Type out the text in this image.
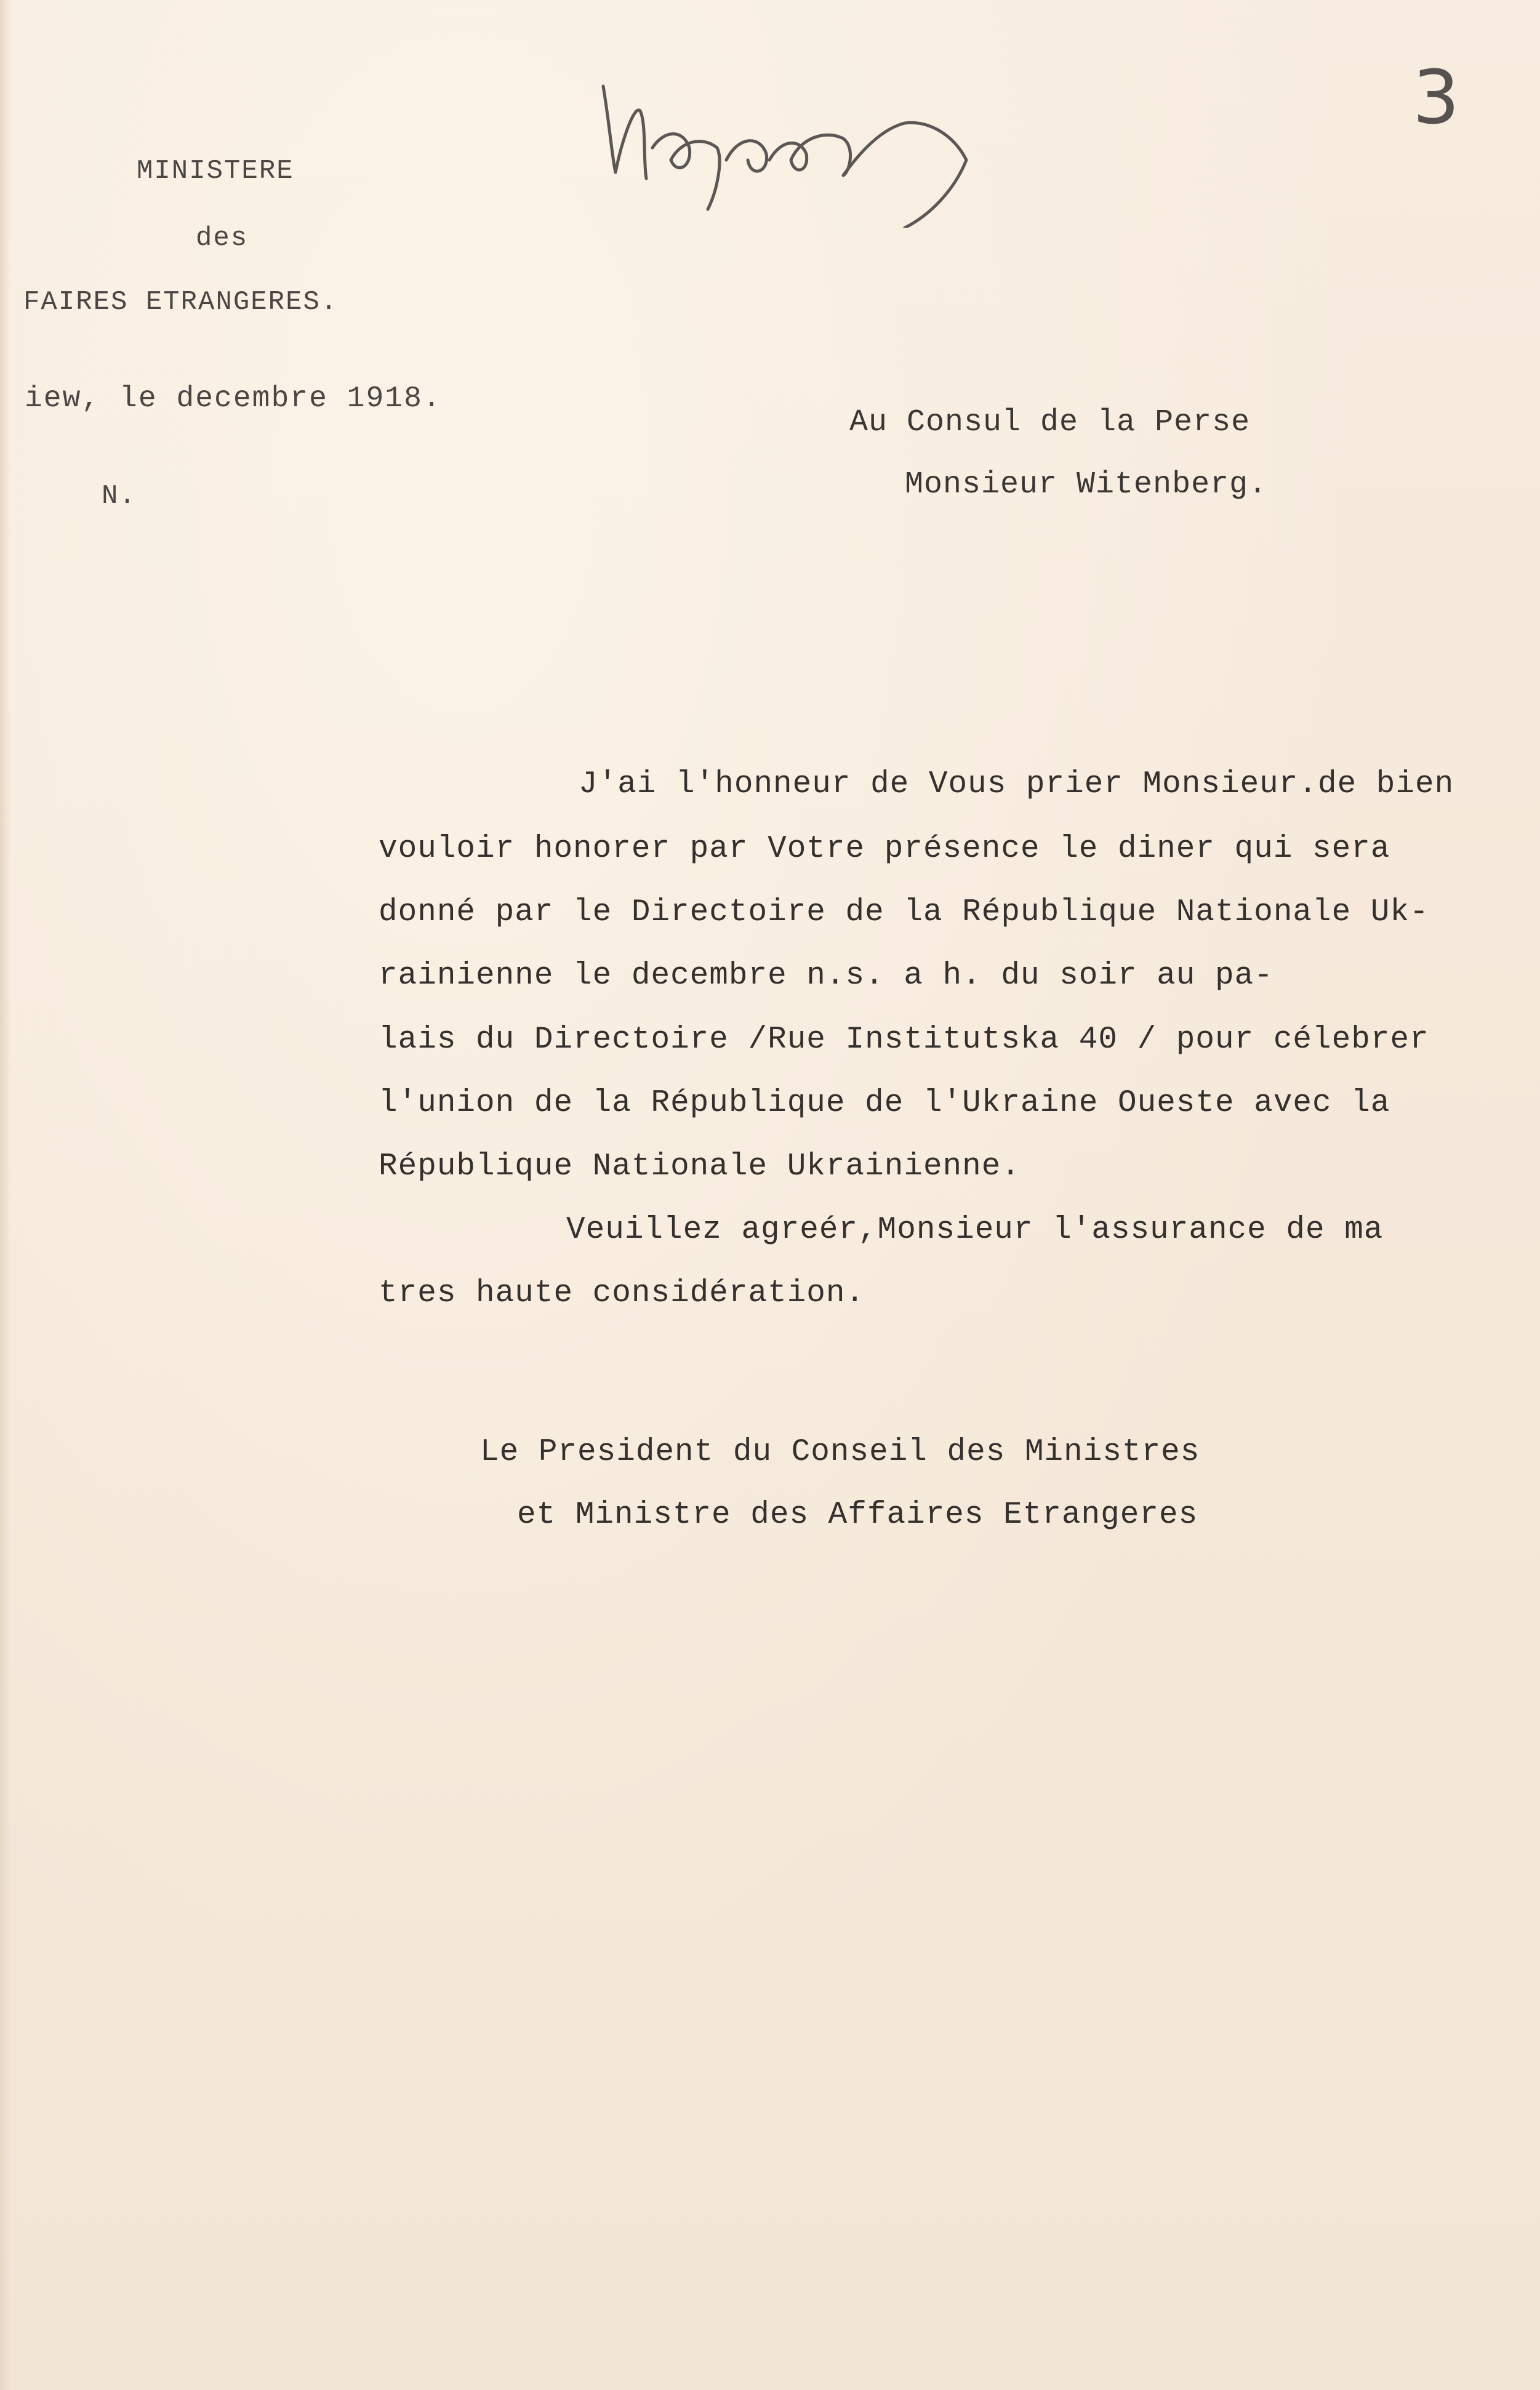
3
MINISTERE
des
FAIRES ETRANGERES.
iew, le decembre 1918.
N.
Au Consul de la Perse
Monsieur Witenberg.
J'ai l'honneur de Vous prier Monsieur.de bien
vouloir honorer par Votre présence le diner qui sera
donné par le Directoire de la République Nationale Uk-
rainienne le decembre n.s. a h. du soir au pa-
lais du Directoire /Rue Institutska 40 / pour célebrer
l'union de la République de l'Ukraine Oueste avec la
République Nationale Ukrainienne.
Veuillez agreér,Monsieur l'assurance de ma
tres haute considération.
Le President du Conseil des Ministres
et Ministre des Affaires Etrangeres
